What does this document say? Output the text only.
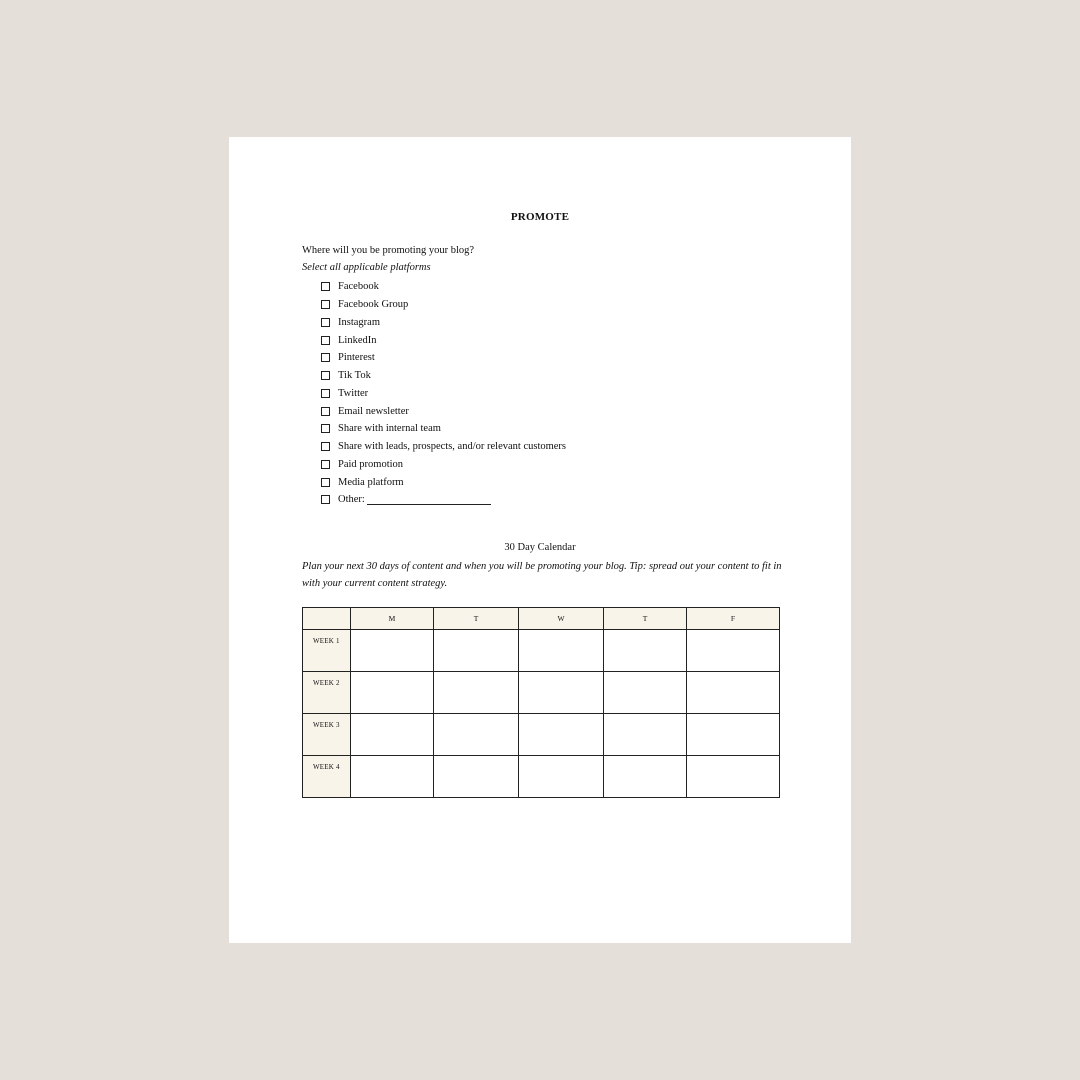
PROMOTE
Where will you be promoting your blog?
Select all applicable platforms
Facebook
Facebook Group
Instagram
LinkedIn
Pinterest
Tik Tok
Twitter
Email newsletter
Share with internal team
Share with leads, prospects, and/or relevant customers
Paid promotion
Media platform
Other:
30 Day Calendar
Plan your next 30 days of content and when you will be promoting your blog. Tip: spread out your content to fit in with your current content strategy.
	M	T	W	T	F
WEEK 1					
WEEK 2					
WEEK 3					
WEEK 4					
